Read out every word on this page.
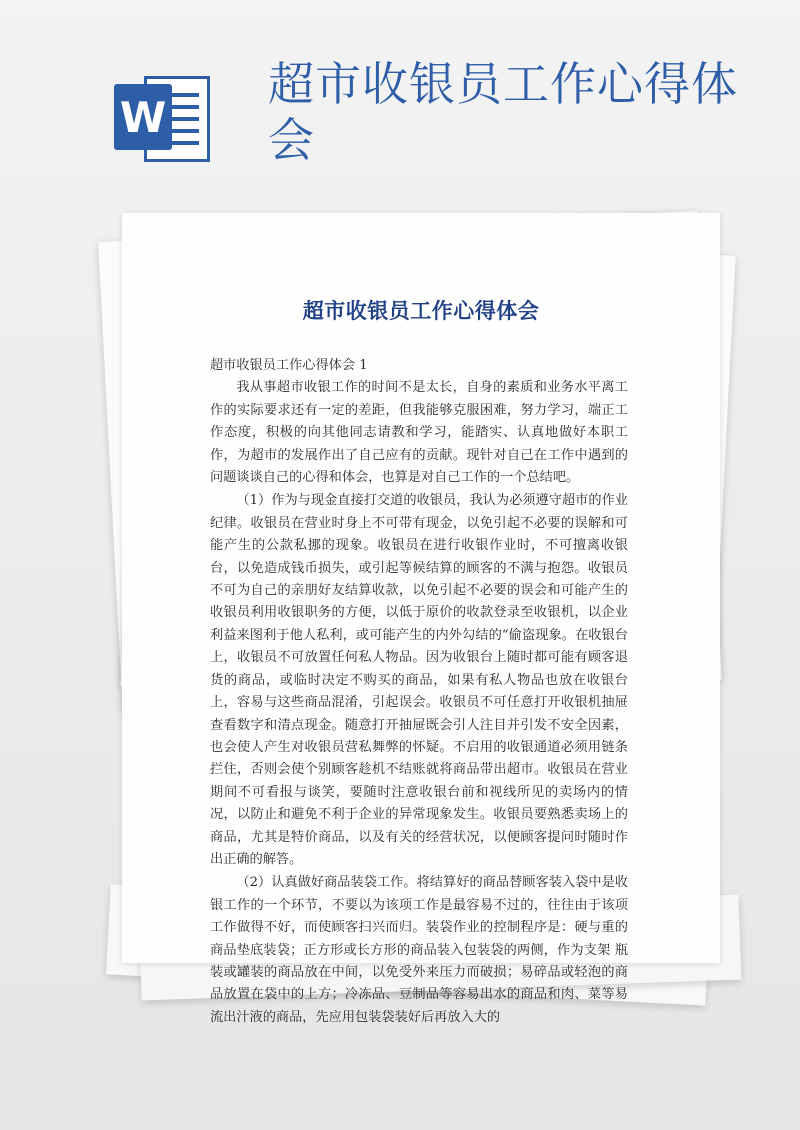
W
超市收银员工作心得体会
超市收银员工作心得体会

超市收银员工作心得体会 1

我从事超市收银工作的时间不是太长，自身的素质和业务水平离工作的实际要求还有一定的差距，但我能够克服困难，努力学习，端正工作态度，积极的向其他同志请教和学习，能踏实、认真地做好本职工作，为超市的发展作出了自己应有的贡献。现针对自己在工作中遇到的问题谈谈自己的心得和体会，也算是对自己工作的一个总结吧。

（1）作为与现金直接打交道的收银员，我认为必须遵守超市的作业纪律。收银员在营业时身上不可带有现金，以免引起不必要的误解和可能产生的公款私挪的现象。收银员在进行收银作业时，不可擅离收银台，以免造成钱币损失，或引起等候结算的顾客的不满与抱怨。收银员不可为自己的亲朋好友结算收款，以免引起不必要的误会和可能产生的收银员利用收银职务的方便，以低于原价的收款登录至收银机，以企业利益来图利于他人私利，或可能产生的内外勾结的“偷盗现象。在收银台上，收银员不可放置任何私人物品。因为收银台上随时都可能有顾客退货的商品，或临时决定不购买的商品，如果有私人物品也放在收银台上，容易与这些商品混淆，引起误会。收银员不可任意打开收银机抽屉查看数字和清点现金。随意打开抽屉既会引人注目并引发不安全因素，也会使人产生对收银员营私舞弊的怀疑。不启用的收银通道必须用链条拦住，否则会使个别顾客趁机不结账就将商品带出超市。收银员在营业期间不可看报与谈笑，要随时注意收银台前和视线所见的卖场内的情况，以防止和避免不利于企业的异常现象发生。收银员要熟悉卖场上的商品，尤其是特价商品，以及有关的经营状况，以便顾客提问时随时作出正确的解答。

（2）认真做好商品装袋工作。将结算好的商品替顾客装入袋中是收银工作的一个环节，不要以为该项工作是最容易不过的，往往由于该项工作做得不好，而使顾客扫兴而归。装袋作业的控制程序是：硬与重的商品垫底装袋；正方形或长方形的商品装入包装袋的两侧，作为支架 瓶装或罐装的商品放在中间，以免受外来压力而破损；易碎品或轻泡的商品放置在袋中的上方；冷冻品、豆制品等容易出水的商品和肉、菜等易流出汁液的商品，先应用包装袋装好后再放入大的
